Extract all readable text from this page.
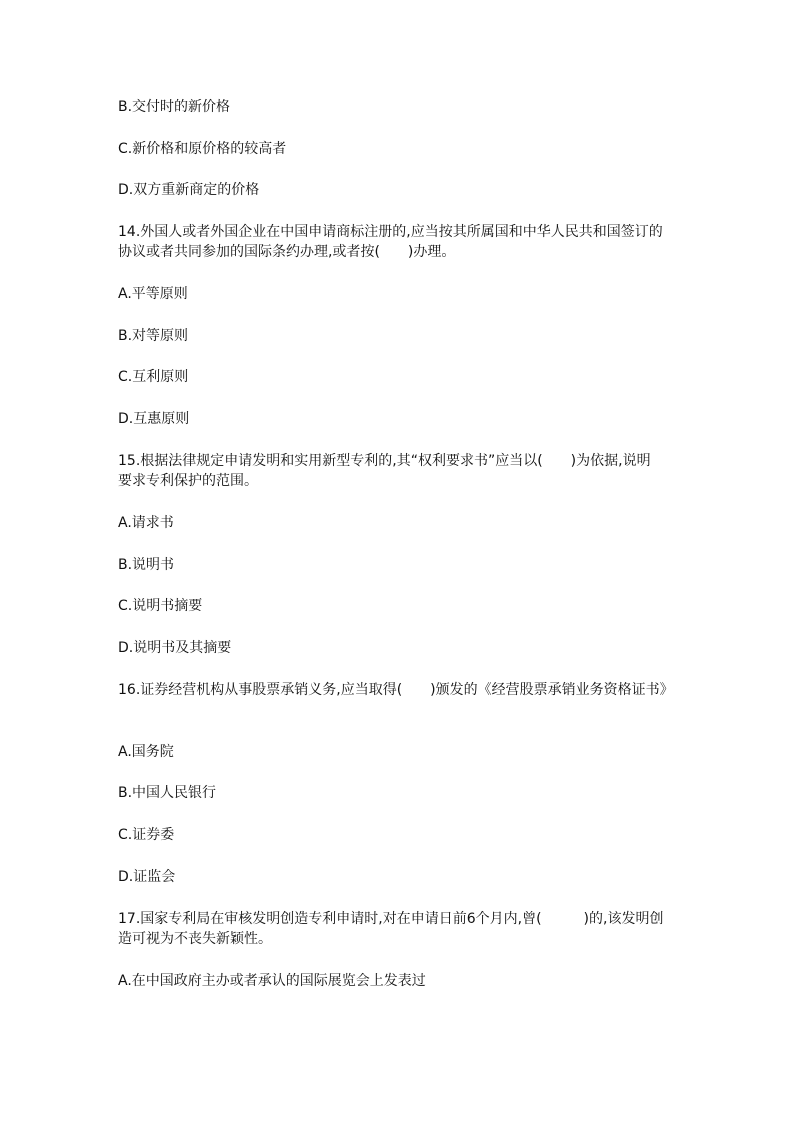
B.交付时的新价格
C.新价格和原价格的较高者
D.双方重新商定的价格
14.外国人或者外国企业在中国申请商标注册的,应当按其所属国和中华人民共和国签订的
协议或者共同参加的国际条约办理,或者按(　　)办理。
A.平等原则
B.对等原则
C.互利原则
D.互惠原则
15.根据法律规定申请发明和实用新型专利的,其“权利要求书”应当以(　　)为依据,说明
要求专利保护的范围。
A.请求书
B.说明书
C.说明书摘要
D.说明书及其摘要
16.证券经营机构从事股票承销义务,应当取得(　　)颁发的《经营股票承销业务资格证书》
A.国务院
B.中国人民银行
C.证券委
D.证监会
17.国家专利局在审核发明创造专利申请时,对在申请日前6个月内,曾(　　　)的,该发明创
造可视为不丧失新颖性。
A.在中国政府主办或者承认的国际展览会上发表过
